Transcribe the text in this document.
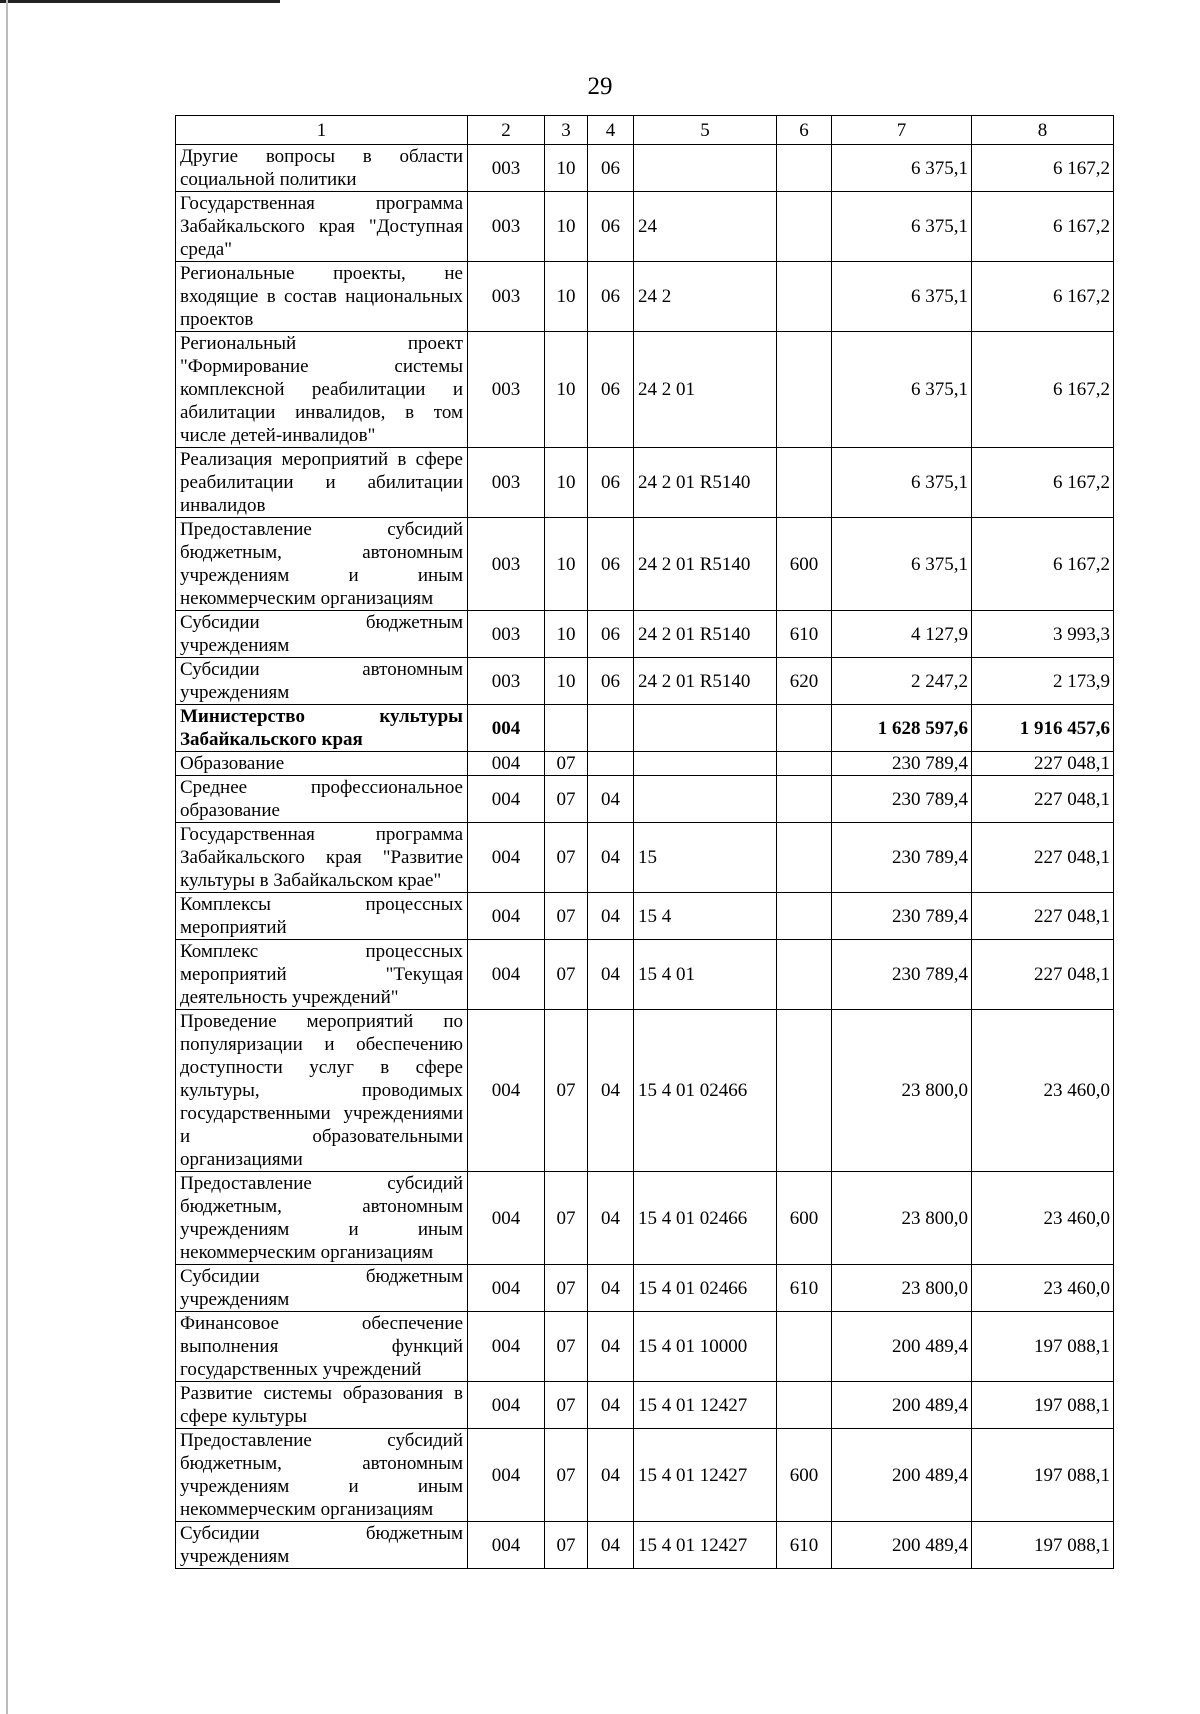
29
1	2	3	4	5	6	7	8
Другие вопросы в области социальной политики	003	10	06			6 375,1	6 167,2
Государственная программа Забайкальского края "Доступная среда"	003	10	06	24		6 375,1	6 167,2
Региональные проекты, не входящие в состав национальных проектов	003	10	06	24 2		6 375,1	6 167,2
Региональный проект "Формирование системы комплексной реабилитации и абилитации инвалидов, в том числе детей-инвалидов"	003	10	06	24 2 01		6 375,1	6 167,2
Реализация мероприятий в сфере реабилитации и абилитации инвалидов	003	10	06	24 2 01 R5140		6 375,1	6 167,2
Предоставление субсидий бюджетным, автономным учреждениям и иным некоммерческим организациям	003	10	06	24 2 01 R5140	600	6 375,1	6 167,2
Субсидии бюджетным учреждениям	003	10	06	24 2 01 R5140	610	4 127,9	3 993,3
Субсидии автономным учреждениям	003	10	06	24 2 01 R5140	620	2 247,2	2 173,9
Министерство культуры Забайкальского края	004					1 628 597,6	1 916 457,6
Образование	004	07				230 789,4	227 048,1
Среднее профессиональное образование	004	07	04			230 789,4	227 048,1
Государственная программа Забайкальского края "Развитие культуры в Забайкальском крае"	004	07	04	15		230 789,4	227 048,1
Комплексы процессных мероприятий	004	07	04	15 4		230 789,4	227 048,1
Комплекс процессных мероприятий "Текущая деятельность учреждений"	004	07	04	15 4 01		230 789,4	227 048,1
Проведение мероприятий по популяризации и обеспечению доступности услуг в сфере культуры, проводимых государственными учреждениями и образовательными организациями	004	07	04	15 4 01 02466		23 800,0	23 460,0
Предоставление субсидий бюджетным, автономным учреждениям и иным некоммерческим организациям	004	07	04	15 4 01 02466	600	23 800,0	23 460,0
Субсидии бюджетным учреждениям	004	07	04	15 4 01 02466	610	23 800,0	23 460,0
Финансовое обеспечение выполнения функций государственных учреждений	004	07	04	15 4 01 10000		200 489,4	197 088,1
Развитие системы образования в сфере культуры	004	07	04	15 4 01 12427		200 489,4	197 088,1
Предоставление субсидий бюджетным, автономным учреждениям и иным некоммерческим организациям	004	07	04	15 4 01 12427	600	200 489,4	197 088,1
Субсидии бюджетным учреждениям	004	07	04	15 4 01 12427	610	200 489,4	197 088,1
